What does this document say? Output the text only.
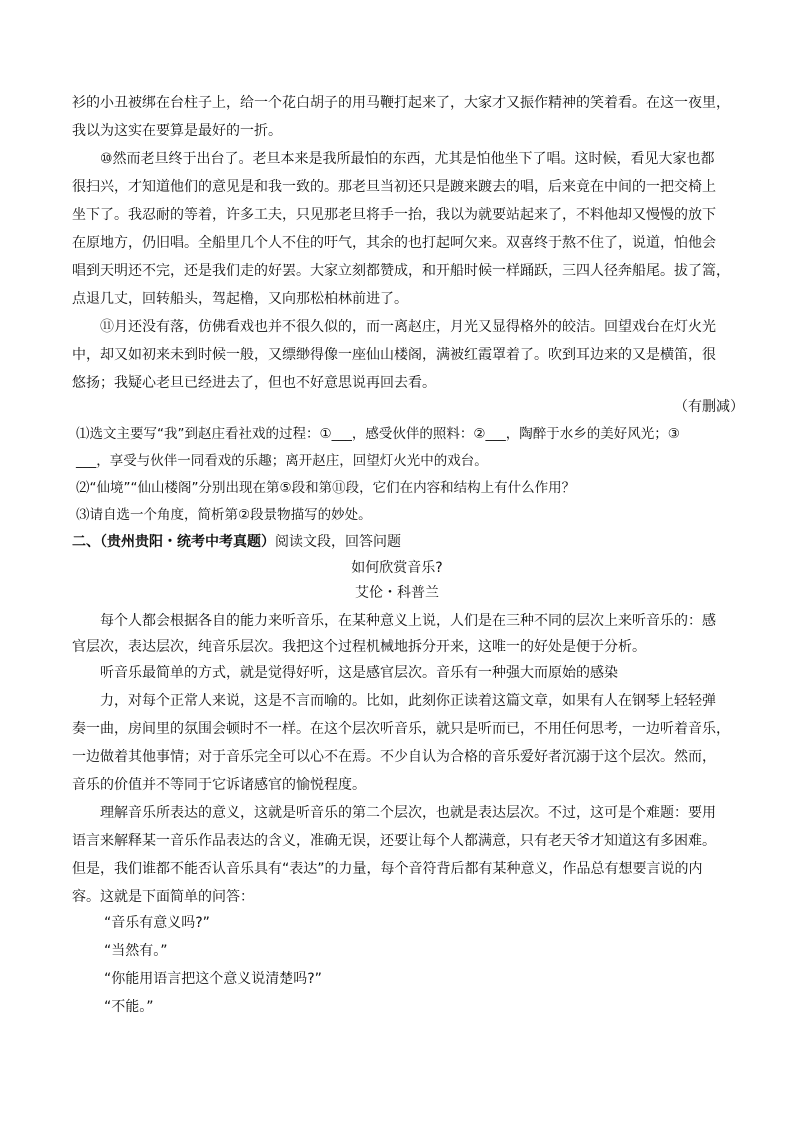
衫的小丑被绑在台柱子上，给一个花白胡子的用马鞭打起来了，大家才又振作精神的笑着看。在这一夜里，
我以为这实在要算是最好的一折。
⑩然而老旦终于出台了。老旦本来是我所最怕的东西，尤其是怕他坐下了唱。这时候，看见大家也都
很扫兴，才知道他们的意见是和我一致的。那老旦当初还只是踱来踱去的唱，后来竟在中间的一把交椅上
坐下了。我忍耐的等着，许多工夫，只见那老旦将手一抬，我以为就要站起来了，不料他却又慢慢的放下
在原地方，仍旧唱。全船里几个人不住的吁气，其余的也打起呵欠来。双喜终于熬不住了，说道，怕他会
唱到天明还不完，还是我们走的好罢。大家立刻都赞成，和开船时候一样踊跃，三四人径奔船尾。拔了篙，
点退几丈，回转船头，驾起橹，又向那松柏林前进了。
⑪月还没有落，仿佛看戏也并不很久似的，而一离赵庄，月光又显得格外的皎洁。回望戏台在灯火光
中，却又如初来未到时候一般，又缥缈得像一座仙山楼阁，满被红霞罩着了。吹到耳边来的又是横笛，很
悠扬；我疑心老旦已经进去了，但也不好意思说再回去看。
（有删减）
⑴选文主要写“我”到赵庄看社戏的过程：①___，感受伙伴的照料：②___，陶醉于水乡的美好风光；③
___，享受与伙伴一同看戏的乐趣；离开赵庄，回望灯火光中的戏台。
⑵“仙境”“仙山楼阁”分别出现在第⑤段和第⑪段，它们在内容和结构上有什么作用？
⑶请自选一个角度，简析第②段景物描写的妙处。
二、（贵州贵阳・统考中考真题）阅读文段，回答问题
如何欣赏音乐?
艾伦・科普兰
每个人都会根据各自的能力来听音乐，在某种意义上说，人们是在三种不同的层次上来听音乐的：感
官层次，表达层次，纯音乐层次。我把这个过程机械地拆分开来，这唯一的好处是便于分析。
听音乐最简单的方式，就是觉得好听，这是感官层次。音乐有一种强大而原始的感染
力，对每个正常人来说，这是不言而喻的。比如，此刻你正读着这篇文章，如果有人在钢琴上轻轻弹
奏一曲，房间里的氛围会顿时不一样。在这个层次听音乐，就只是听而已，不用任何思考，一边听着音乐，
一边做着其他事情；对于音乐完全可以心不在焉。不少自认为合格的音乐爱好者沉溺于这个层次。然而，
音乐的价值并不等同于它诉诸感官的愉悦程度。
理解音乐所表达的意义，这就是听音乐的第二个层次，也就是表达层次。不过，这可是个难题：要用
语言来解释某一音乐作品表达的含义，准确无误，还要让每个人都满意，只有老天爷才知道这有多困难。
但是，我们谁都不能否认音乐具有“表达”的力量，每个音符背后都有某种意义，作品总有想要言说的内
容。这就是下面简单的问答：
“音乐有意义吗?”
“当然有。”
“你能用语言把这个意义说清楚吗?”
“不能。”
